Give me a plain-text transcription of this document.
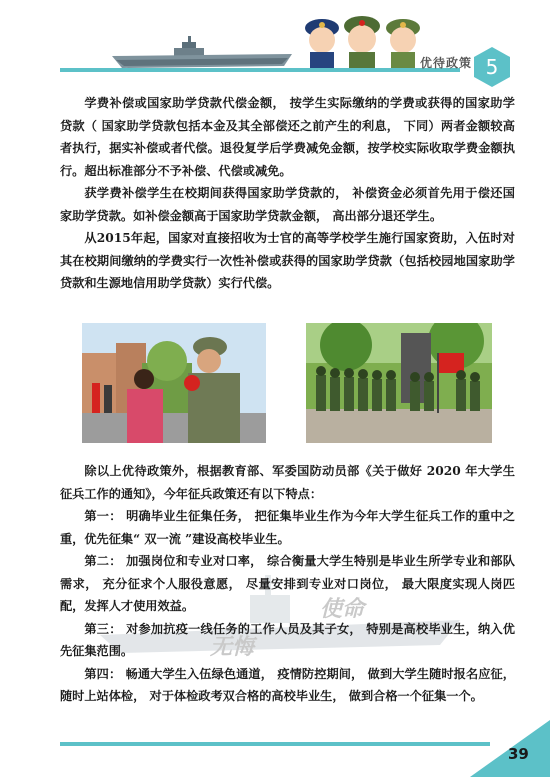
优待政策 5

学费补偿或国家助学贷款代偿金额， 按学生实际缴纳的学费或获得的国家助学贷款（ 国家助学贷款包括本金及其全部偿还之前产生的利息， 下同）两者金额较高者执行，据实补偿或者代偿。退役复学后学费减免金额，按学校实际收取学费金额执行。超出标准部分不予补偿、代偿或减免。

获学费补偿学生在校期间获得国家助学贷款的， 补偿资金必须首先用于偿还国家助学贷款。如补偿金额高于国家助学贷款金额， 高出部分退还学生。

从2015年起，国家对直接招收为士官的高等学校学生施行国家资助，入伍时对其在校期间缴纳的学费实行一次性补偿或获得的国家助学贷款（包括校园地国家助学贷款和生源地信用助学贷款）实行代偿。

使命
无悔

除以上优待政策外，根据教育部、军委国防动员部《关于做好 2020 年大学生征兵工作的通知》，今年征兵政策还有以下特点：

第一： 明确毕业生征集任务， 把征集毕业生作为今年大学生征兵工作的重中之重，优先征集“ 双一流 ”建设高校毕业生。

第二： 加强岗位和专业对口率， 综合衡量大学生特别是毕业生所学专业和部队需求， 充分征求个人服役意愿， 尽量安排到专业对口岗位， 最大限度实现人岗匹配，发挥人才使用效益。

第三： 对参加抗疫一线任务的工作人员及其子女， 特别是高校毕业生，纳入优先征集范围。

第四： 畅通大学生入伍绿色通道， 疫情防控期间， 做到大学生随时报名应征， 随时上站体检， 对于体检政考双合格的高校毕业生， 做到合格一个征集一个。

39
